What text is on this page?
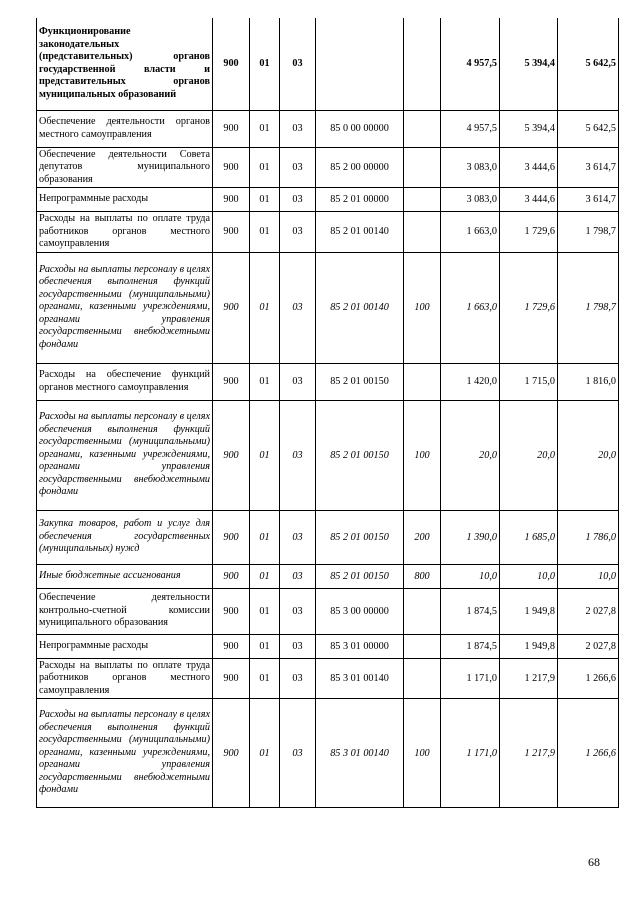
Функционирование законодательных (представительных) органов государственной власти и представительных органов муниципальных образований	900	01	03			4 957,5	5 394,4	5 642,5
Обеспечение деятельности органов местного самоуправления	900	01	03	85 0 00 00000		4 957,5	5 394,4	5 642,5
Обеспечение деятельности Совета депутатов муниципального образования	900	01	03	85 2 00 00000		3 083,0	3 444,6	3 614,7
Непрограммные расходы	900	01	03	85 2 01 00000		3 083,0	3 444,6	3 614,7
Расходы на выплаты по оплате труда работников органов местного самоуправления	900	01	03	85 2 01 00140		1 663,0	1 729,6	1 798,7
Расходы на выплаты персоналу в целях обеспечения выполнения функций государственными (муниципальными) органами, казенными учреждениями, органами управления государственными внебюджетными фондами	900	01	03	85 2 01 00140	100	1 663,0	1 729,6	1 798,7
Расходы на обеспечение функций органов местного самоуправления	900	01	03	85 2 01 00150		1 420,0	1 715,0	1 816,0
Расходы на выплаты персоналу в целях обеспечения выполнения функций государственными (муниципальными) органами, казенными учреждениями, органами управления государственными внебюджетными фондами	900	01	03	85 2 01 00150	100	20,0	20,0	20,0
Закупка товаров, работ и услуг для обеспечения государственных (муниципальных) нужд	900	01	03	85 2 01 00150	200	1 390,0	1 685,0	1 786,0
Иные бюджетные ассигнования	900	01	03	85 2 01 00150	800	10,0	10,0	10,0
Обеспечение деятельности контрольно-счетной комиссии муниципального образования	900	01	03	85 3 00 00000		1 874,5	1 949,8	2 027,8
Непрограммные расходы	900	01	03	85 3 01 00000		1 874,5	1 949,8	2 027,8
Расходы на выплаты по оплате труда работников органов местного самоуправления	900	01	03	85 3 01 00140		1 171,0	1 217,9	1 266,6
Расходы на выплаты персоналу в целях обеспечения выполнения функций государственными (муниципальными) органами, казенными учреждениями, органами управления государственными внебюджетными фондами	900	01	03	85 3 01 00140	100	1 171,0	1 217,9	1 266,6
68
